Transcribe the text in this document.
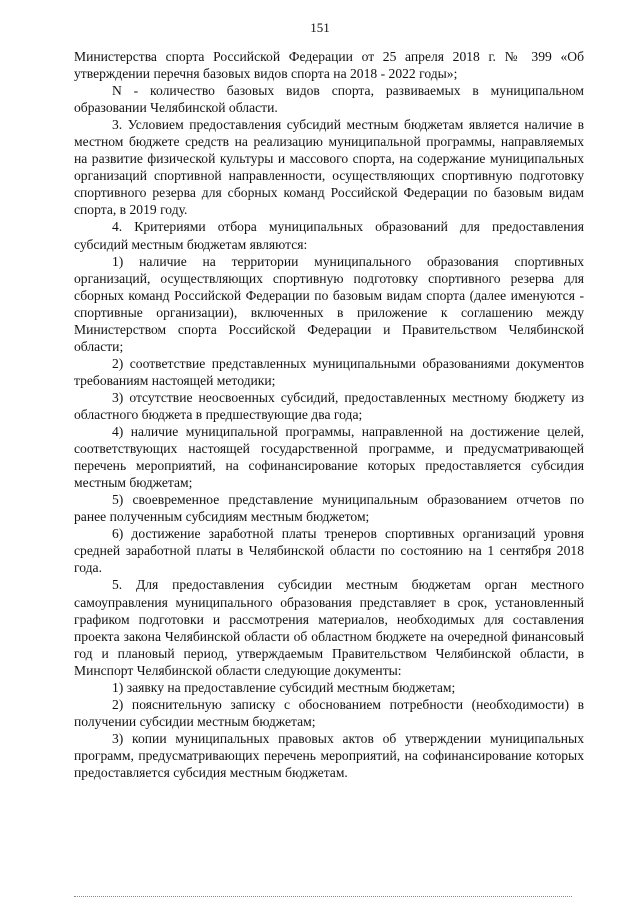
151

Министерства спорта Российской Федерации от 25 апреля 2018 г. № 399 «Об утверждении перечня базовых видов спорта на 2018 - 2022 годы»;

N - количество базовых видов спорта, развиваемых в муниципальном образовании Челябинской области.

3. Условием предоставления субсидий местным бюджетам является наличие в местном бюджете средств на реализацию муниципальной программы, направляемых на развитие физической культуры и массового спорта, на содержание муниципальных организаций спортивной направленности, осуществляющих спортивную подготовку спортивного резерва для сборных команд Российской Федерации по базовым видам спорта, в 2019 году.

4. Критериями отбора муниципальных образований для предоставления субсидий местным бюджетам являются:

1) наличие на территории муниципального образования спортивных организаций, осуществляющих спортивную подготовку спортивного резерва для сборных команд Российской Федерации по базовым видам спорта (далее именуются - спортивные организации), включенных в приложение к соглашению между Министерством спорта Российской Федерации и Правительством Челябинской области;

2) соответствие представленных муниципальными образованиями документов требованиям настоящей методики;

3) отсутствие неосвоенных субсидий, предоставленных местному бюджету из областного бюджета в предшествующие два года;

4) наличие муниципальной программы, направленной на достижение целей, соответствующих настоящей государственной программе, и предусматривающей перечень мероприятий, на софинансирование которых предоставляется субсидия местным бюджетам;

5) своевременное представление муниципальным образованием отчетов по ранее полученным субсидиям местным бюджетом;

6) достижение заработной платы тренеров спортивных организаций уровня средней заработной платы в Челябинской области по состоянию на 1 сентября 2018 года.

5. Для предоставления субсидии местным бюджетам орган местного самоуправления муниципального образования представляет в срок, установленный графиком подготовки и рассмотрения материалов, необходимых для составления проекта закона Челябинской области об областном бюджете на очередной финансовый год и плановый период, утверждаемым Правительством Челябинской области, в Минспорт Челябинской области следующие документы:

1) заявку на предоставление субсидий местным бюджетам;

2) пояснительную записку с обоснованием потребности (необходимости) в получении субсидии местным бюджетам;

3) копии муниципальных правовых актов об утверждении муниципальных программ, предусматривающих перечень мероприятий, на софинансирование которых предоставляется субсидия местным бюджетам.
